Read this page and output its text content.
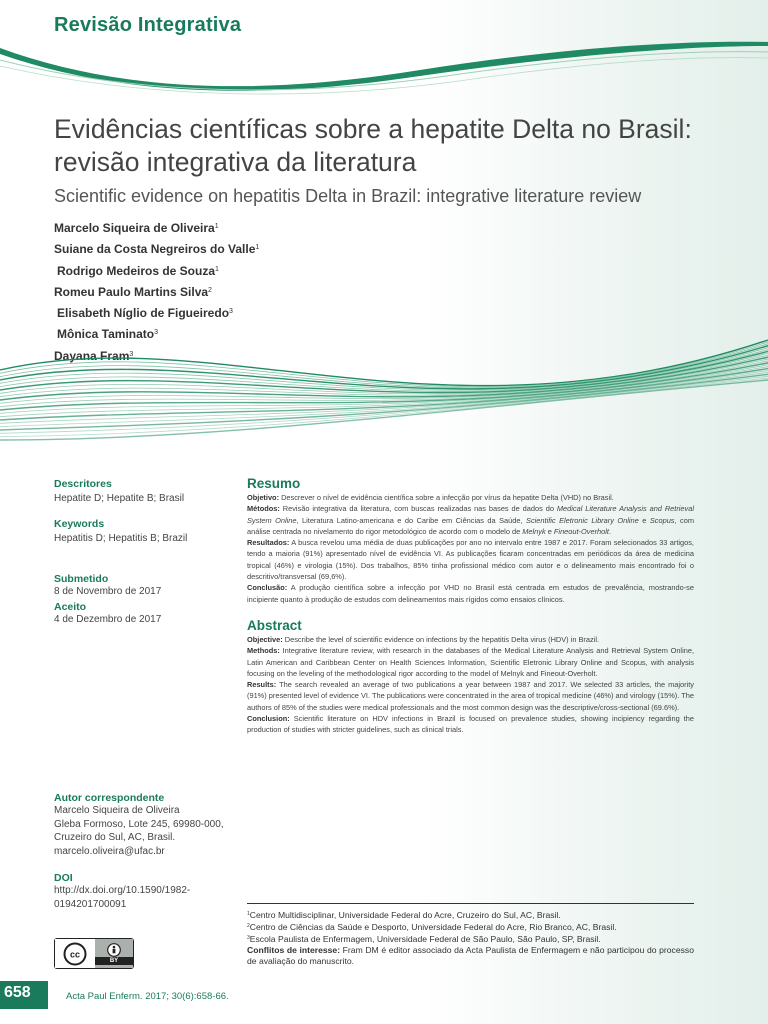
Revisão Integrativa
Evidências científicas sobre a hepatite Delta no Brasil: revisão integrativa da literatura
Scientific evidence on hepatitis Delta in Brazil: integrative literature review
Marcelo Siqueira de Oliveira$^1$
Suiane da Costa Negreiros do Valle$^1$
Rodrigo Medeiros de Souza$^1$
Romeu Paulo Martins Silva$^2$
Elisabeth Níglio de Figueiredo$^3$
Mônica Taminato$^3$
Dayana Fram$^3$
Descritores
Hepatite D; Hepatite B; Brasil
Keywords
Hepatitis D; Hepatitis B; Brazil
Submetido
8 de Novembro de 2017
Aceito
4 de Dezembro de 2017
Autor correspondente
Marcelo Siqueira de Oliveira
Gleba Formoso, Lote 245, 69980-000,
Cruzeiro do Sul, AC, Brasil.
marcelo.oliveira@ufac.br
DOI
http://dx.doi.org/10.1590/1982-
0194201700091
cc
BY
Resumo

Objetivo: Descrever o nível de evidência científica sobre a infecção por vírus da hepatite Delta (VHD) no Brasil.

Métodos: Revisão integrativa da literatura, com buscas realizadas nas bases de dados do Medical Literature Analysis and Retrieval System Online, Literatura Latino-americana e do Caribe em Ciências da Saúde, Scientific Eletronic Library Online e Scopus, com análise centrada no nivelamento do rigor metodológico de acordo com o modelo de Melnyk e Fineout-Overholt.

Resultados: A busca revelou uma média de duas publicações por ano no intervalo entre 1987 e 2017. Foram selecionados 33 artigos, tendo a maioria (91%) apresentado nível de evidência VI. As publicações ficaram concentradas em periódicos da área de medicina tropical (46%) e virologia (15%). Dos trabalhos, 85% tinha profissional médico com autor e o delineamento mais encontrado foi o descritivo/transversal (69,6%).

Conclusão: A produção científica sobre a infecção por VHD no Brasil está centrada em estudos de prevalência, mostrando-se incipiente quanto à produção de estudos com delineamentos mais rígidos como ensaios clínicos.

Abstract

Objective: Describe the level of scientific evidence on infections by the hepatitis Delta virus (HDV) in Brazil.

Methods: Integrative literature review, with research in the databases of the Medical Literature Analysis and Retrieval System Online, Latin American and Caribbean Center on Health Sciences Information, Scientific Eletronic Library Online and Scopus, with analysis focusing on the leveling of the methodological rigor according to the model of Melnyk and Fineout-Overholt.

Results: The search revealed an average of two publications a year between 1987 and 2017. We selected 33 articles, the majority (91%) presented level of evidence VI. The publications were concentrated in the area of tropical medicine (46%) and virology (15%). The authors of 85% of the studies were medical professionals and the most common design was the descriptive/cross-sectional (69.6%).

Conclusion: Scientific literature on HDV infections in Brazil is focused on prevalence studies, showing incipiency regarding the production of studies with stricter guidelines, such as clinical trials.

$^1$Centro Multidisciplinar, Universidade Federal do Acre, Cruzeiro do Sul, AC, Brasil.
$^2$Centro de Ciências da Saúde e Desporto, Universidade Federal do Acre, Rio Branco, AC, Brasil.
$^3$Escola Paulista de Enfermagem, Universidade Federal de São Paulo, São Paulo, SP, Brasil.
Conflitos de interesse: Fram DM é editor associado da Acta Paulista de Enfermagem e não participou do processo de avaliação do manuscrito.
658	Acta Paul Enferm. 2017; 30(6):658-66.
